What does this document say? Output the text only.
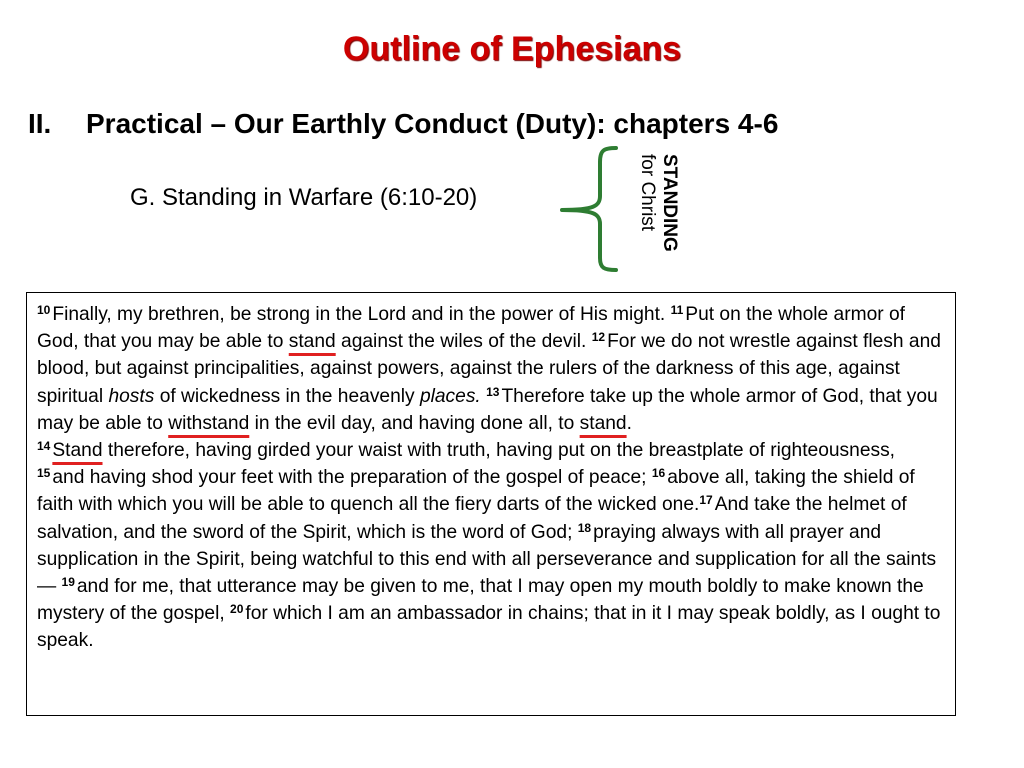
Outline of Ephesians
II. Practical – Our Earthly Conduct (Duty): chapters 4-6
G. Standing in Warfare (6:10-20)	STANDING
for Christ
$^{10}$ Finally, my brethren, be strong in the Lord and in the power of His might. $^{11}$ Put on the whole armor of God, that you may be able to stand against the wiles of the devil. $^{12}$ For we do not wrestle against flesh and blood, but against principalities, against powers, against the rulers of the darkness of this age, against spiritual hosts of wickedness in the heavenly places. $^{13}$ Therefore take up the whole armor of God, that you may be able to withstand in the evil day, and having done all, to stand.
$^{14}$ Stand therefore, having girded your waist with truth, having put on the breastplate of righteousness, $^{15}$ and having shod your feet with the preparation of the gospel of peace; $^{16}$ above all, taking the shield of faith with which you will be able to quench all the fiery darts of the wicked one.$^{17}$ And take the helmet of salvation, and the sword of the Spirit, which is the word of God; $^{18}$ praying always with all prayer and supplication in the Spirit, being watchful to this end with all perseverance and supplication for all the saints— $^{19}$ and for me, that utterance may be given to me, that I may open my mouth boldly to make known the mystery of the gospel, $^{20}$ for which I am an ambassador in chains; that in it I may speak boldly, as I ought to speak.
